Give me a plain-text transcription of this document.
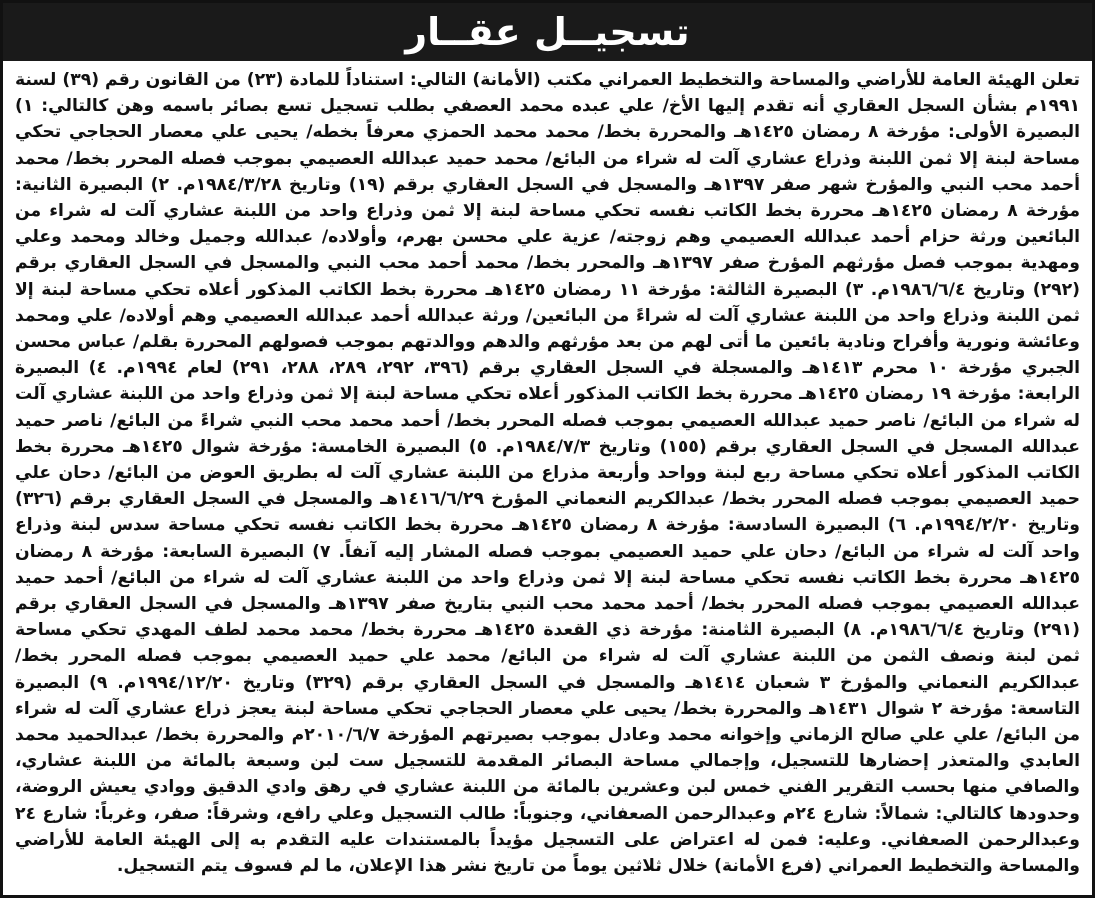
تسجيــل عقــار

تعلن الهيئة العامة للأراضي والمساحة والتخطيط العمراني مكتب (الأمانة) التالي: استناداً للمادة (٢٣) من القانون رقم (٣٩) لسنة ١٩٩١م بشأن السجل العقاري أنه تقدم إليها الأخ/ علي عبده محمد العصفي بطلب تسجيل تسع بصائر باسمه وهن كالتالي: ١) البصيرة الأولى: مؤرخة ٨ رمضان ١٤٢٥هـ والمحررة بخط/ محمد محمد الحمزي معرفاً بخطه/ يحيى علي معصار الحجاجي تحكي مساحة لبنة إلا ثمن اللبنة وذراع عشاري آلت له شراء من البائع/ محمد حميد عبدالله العصيمي بموجب فصله المحرر بخط/ محمد أحمد محب النبي والمؤرخ شهر صفر ١٣٩٧هـ والمسجل في السجل العقاري برقم (١٩) وتاريخ ١٩٨٤/٣/٢٨م. ٢) البصيرة الثانية: مؤرخة ٨ رمضان ١٤٢٥هـ محررة بخط الكاتب نفسه تحكي مساحة لبنة إلا ثمن وذراع واحد من اللبنة عشاري آلت له شراء من البائعين ورثة حزام أحمد عبدالله العصيمي وهم زوجته/ عزية علي محسن بهرم، وأولاده/ عبدالله وجميل وخالد ومحمد وعلي ومهدية بموجب فصل مؤرثهم المؤرخ صفر ١٣٩٧هـ والمحرر بخط/ محمد أحمد محب النبي والمسجل في السجل العقاري برقم (٢٩٢) وتاريخ ١٩٨٦/٦/٤م. ٣) البصيرة الثالثة: مؤرخة ١١ رمضان ١٤٢٥هـ محررة بخط الكاتب المذكور أعلاه تحكي مساحة لبنة إلا ثمن اللبنة وذراع واحد من اللبنة عشاري آلت له شراءً من البائعين/ ورثة عبدالله أحمد عبدالله العصيمي وهم أولاده/ علي ومحمد وعائشة ونورية وأفراح ونادية بائعين ما أتى لهم من بعد مؤرثهم والدهم ووالدتهم بموجب فصولهم المحررة بقلم/ عباس محسن الجبري مؤرخة ١٠ محرم ١٤١٣هـ والمسجلة في السجل العقاري برقم (٣٩٦، ٢٩٢، ٢٨٩، ٢٨٨، ٢٩١) لعام ١٩٩٤م. ٤) البصيرة الرابعة: مؤرخة ١٩ رمضان ١٤٢٥هـ محررة بخط الكاتب المذكور أعلاه تحكي مساحة لبنة إلا ثمن وذراع واحد من اللبنة عشاري آلت له شراء من البائع/ ناصر حميد عبدالله العصيمي بموجب فصله المحرر بخط/ أحمد محمد محب النبي شراءً من البائع/ ناصر حميد عبدالله المسجل في السجل العقاري برقم (١٥٥) وتاريخ ١٩٨٤/٧/٣م. ٥) البصيرة الخامسة: مؤرخة شوال ١٤٢٥هـ محررة بخط الكاتب المذكور أعلاه تحكي مساحة ربع لبنة وواحد وأربعة مذراع من اللبنة عشاري آلت له بطريق العوض من البائع/ دحان علي حميد العصيمي بموجب فصله المحرر بخط/ عبدالكريم النعماني المؤرخ ١٤١٦/٦/٢٩هـ والمسجل في السجل العقاري برقم (٣٢٦) وتاريخ ١٩٩٤/٢/٢٠م. ٦) البصيرة السادسة: مؤرخة ٨ رمضان ١٤٢٥هـ محررة بخط الكاتب نفسه تحكي مساحة سدس لبنة وذراع واحد آلت له شراء من البائع/ دحان علي حميد العصيمي بموجب فصله المشار إليه آنفاً. ٧) البصيرة السابعة: مؤرخة ٨ رمضان ١٤٢٥هـ محررة بخط الكاتب نفسه تحكي مساحة لبنة إلا ثمن وذراع واحد من اللبنة عشاري آلت له شراء من البائع/ أحمد حميد عبدالله العصيمي بموجب فصله المحرر بخط/ أحمد محمد محب النبي بتاريخ صفر ١٣٩٧هـ والمسجل في السجل العقاري برقم (٢٩١) وتاريخ ١٩٨٦/٦/٤م. ٨) البصيرة الثامنة: مؤرخة ذي القعدة ١٤٢٥هـ محررة بخط/ محمد محمد لطف المهدي تحكي مساحة ثمن لبنة ونصف الثمن من اللبنة عشاري آلت له شراء من البائع/ محمد علي حميد العصيمي بموجب فصله المحرر بخط/ عبدالكريم النعماني والمؤرخ ٣ شعبان ١٤١٤هـ والمسجل في السجل العقاري برقم (٣٢٩) وتاريخ ١٩٩٤/١٢/٢٠م. ٩) البصيرة التاسعة: مؤرخة ٢ شوال ١٤٣١هـ والمحررة بخط/ يحيى علي معصار الحجاجي تحكي مساحة لبنة يعجز ذراع عشاري آلت له شراء من البائع/ علي علي صالح الزماني وإخوانه محمد وعادل بموجب بصيرتهم المؤرخة ٢٠١٠/٦/٧م والمحررة بخط/ عبدالحميد محمد العابدي والمتعذر إحضارها للتسجيل، وإجمالي مساحة البصائر المقدمة للتسجيل ست لبن وسبعة بالمائة من اللبنة عشاري، والصافي منها بحسب التقرير الفني خمس لبن وعشرين بالمائة من اللبنة عشاري في رهق وادي الدقيق ووادي يعيش الروضة، وحدودها كالتالي: شمالاً: شارع ٢٤م وعبدالرحمن الصعفاني، وجنوباً: طالب التسجيل وعلي رافع، وشرقاً: صفر، وغرباً: شارع ٢٤ وعبدالرحمن الصعفاني. وعليه: فمن له اعتراض على التسجيل مؤيداً بالمستندات عليه التقدم به إلى الهيئة العامة للأراضي والمساحة والتخطيط العمراني (فرع الأمانة) خلال ثلاثين يوماً من تاريخ نشر هذا الإعلان، ما لم فسوف يتم التسجيل.
